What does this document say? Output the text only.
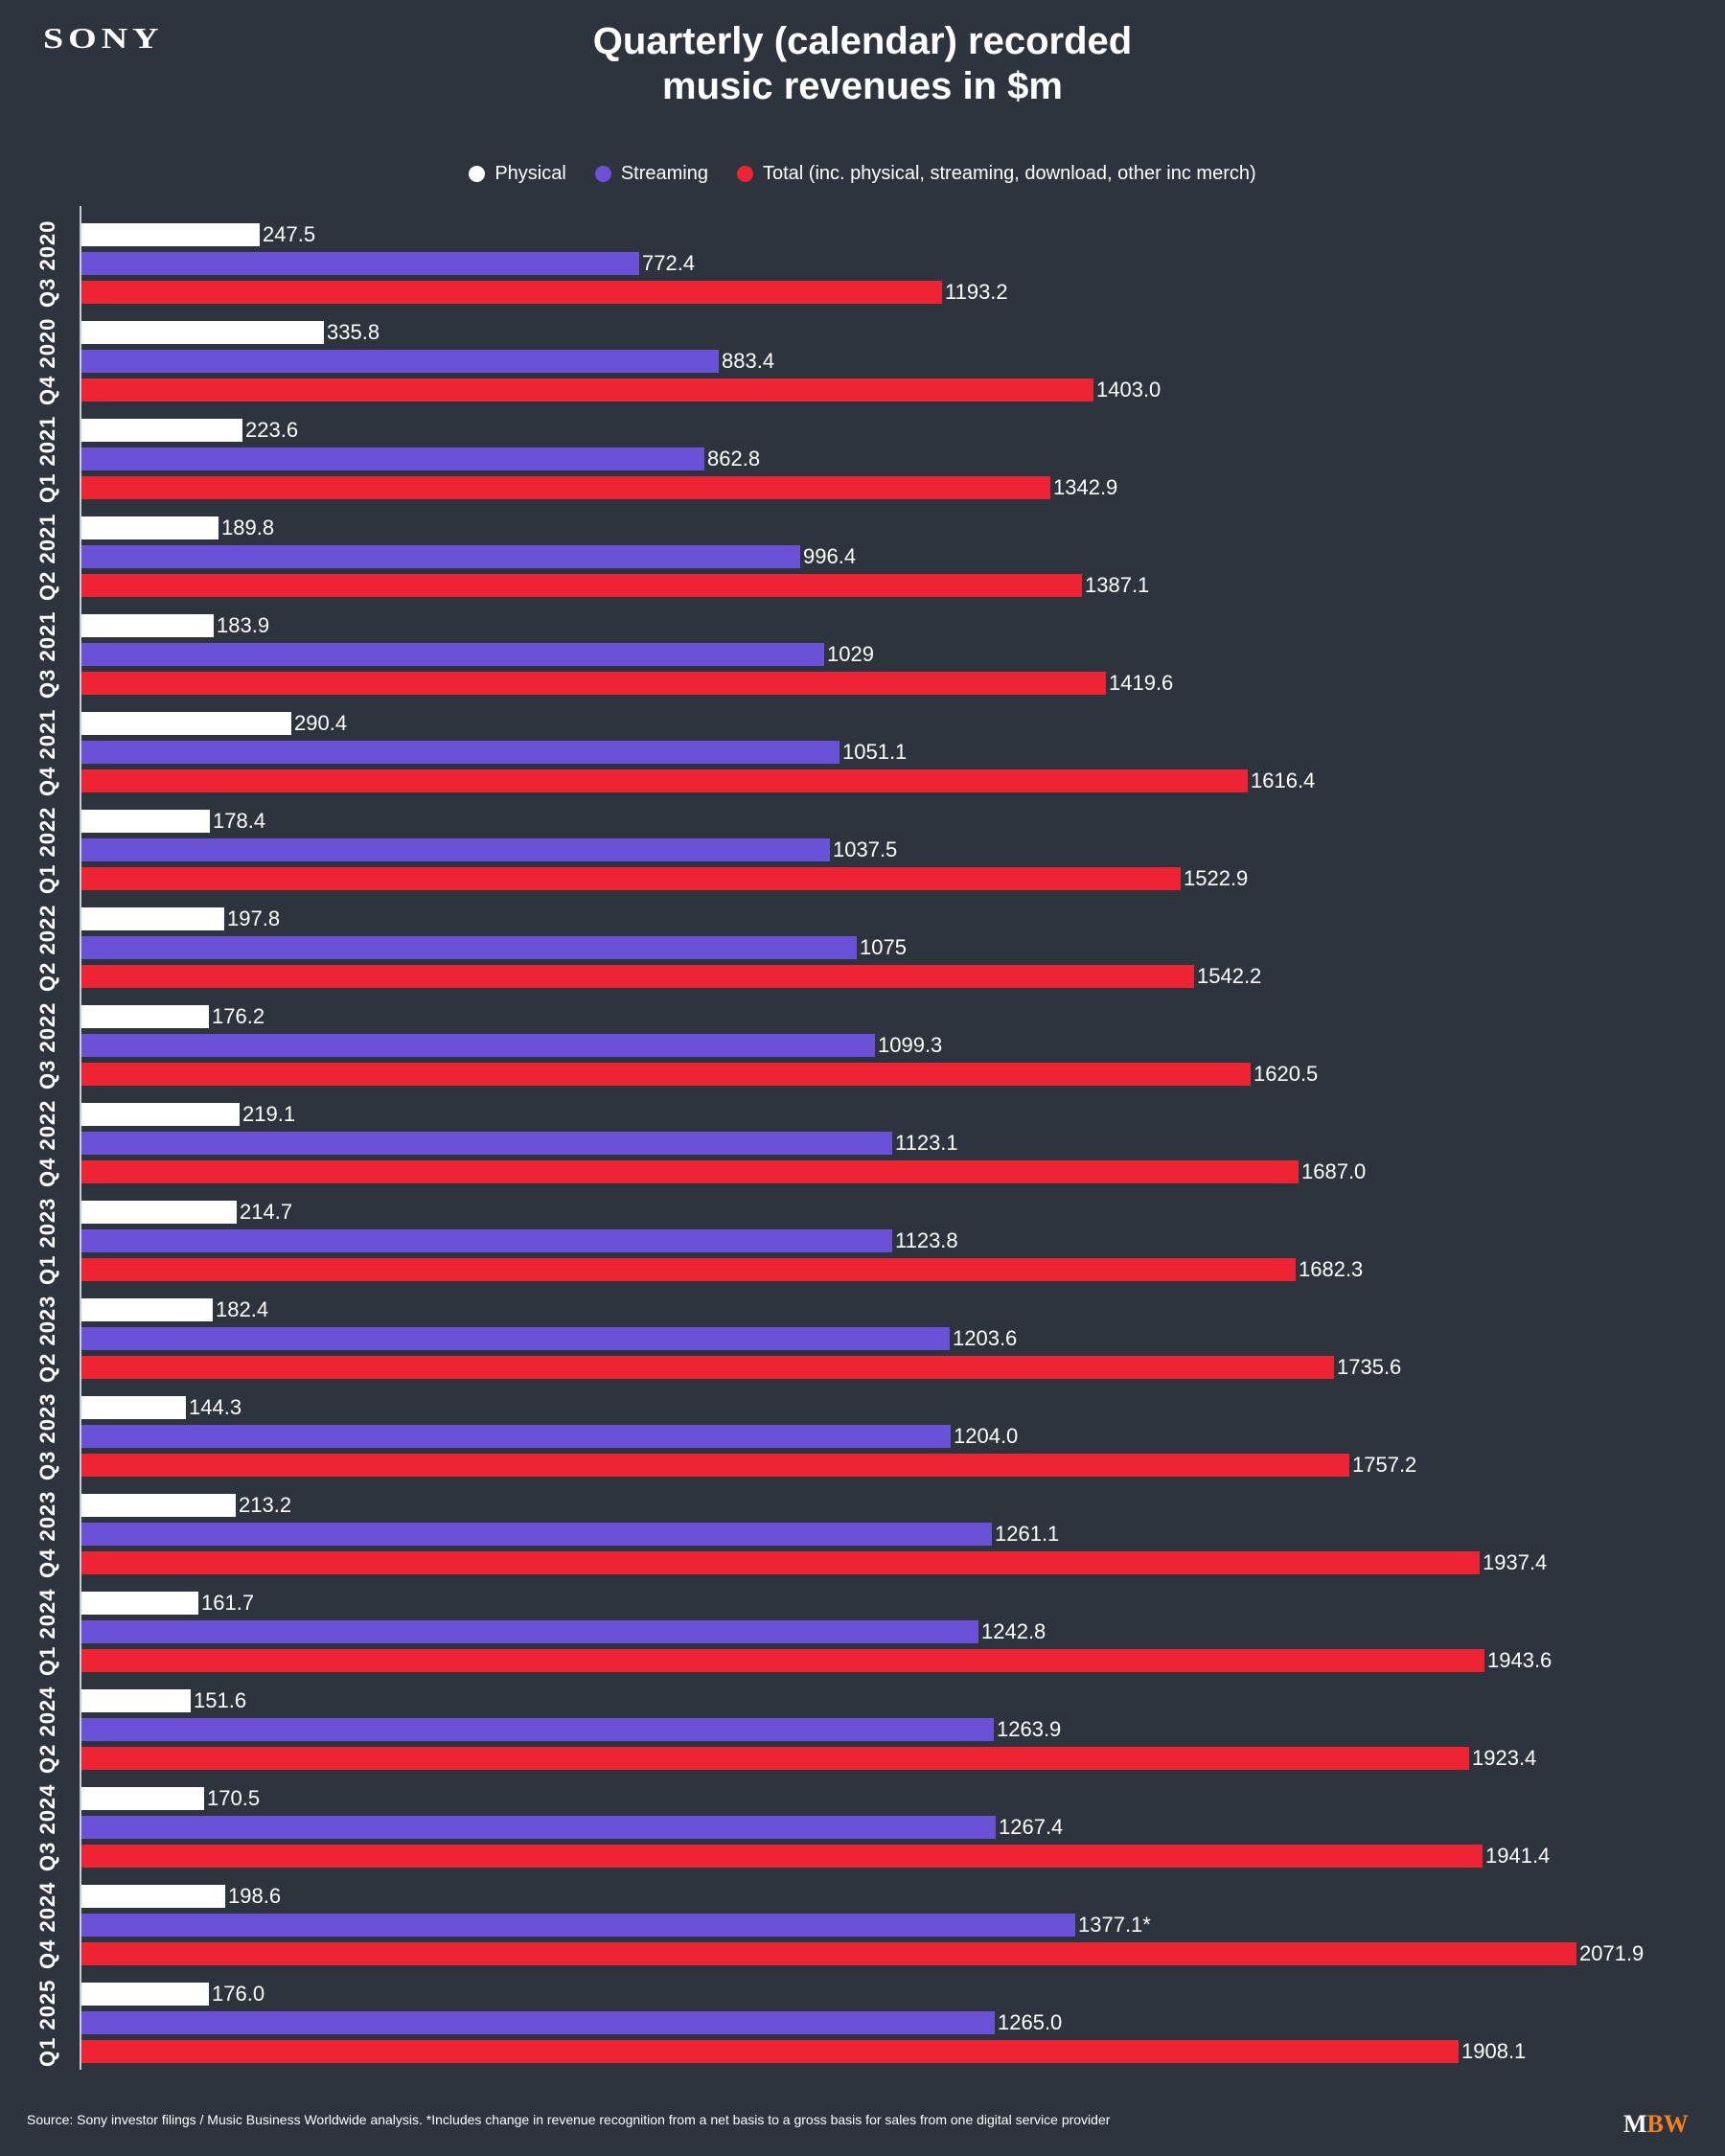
SONY	Quarterly (calendar) recorded
music revenues in $m
Physical	Streaming	Total (inc. physical, streaming, download, other inc merch)
Q3 2020	247.5
772.4
1193.2
Q4 2020	335.8
883.4
1403.0
Q1 2021	223.6
862.8
1342.9
Q2 2021	189.8
996.4
1387.1
Q3 2021	183.9
1029
1419.6
Q4 2021	290.4
1051.1
1616.4
Q1 2022	178.4
1037.5
1522.9
Q2 2022	197.8
1075
1542.2
Q3 2022	176.2
1099.3
1620.5
Q4 2022	219.1
1123.1
1687.0
Q1 2023	214.7
1123.8
1682.3
Q2 2023	182.4
1203.6
1735.6
Q3 2023	144.3
1204.0
1757.2
Q4 2023	213.2
1261.1
1937.4
Q1 2024	161.7
1242.8
1943.6
Q2 2024	151.6
1263.9
1923.4
Q3 2024	170.5
1267.4
1941.4
Q4 2024	198.6
1377.1*
2071.9
Q1 2025	176.0
1265.0
1908.1
Source: Sony investor filings / Music Business Worldwide analysis. *Includes change in revenue recognition from a net basis to a gross basis for sales from one digital service provider	MBW
